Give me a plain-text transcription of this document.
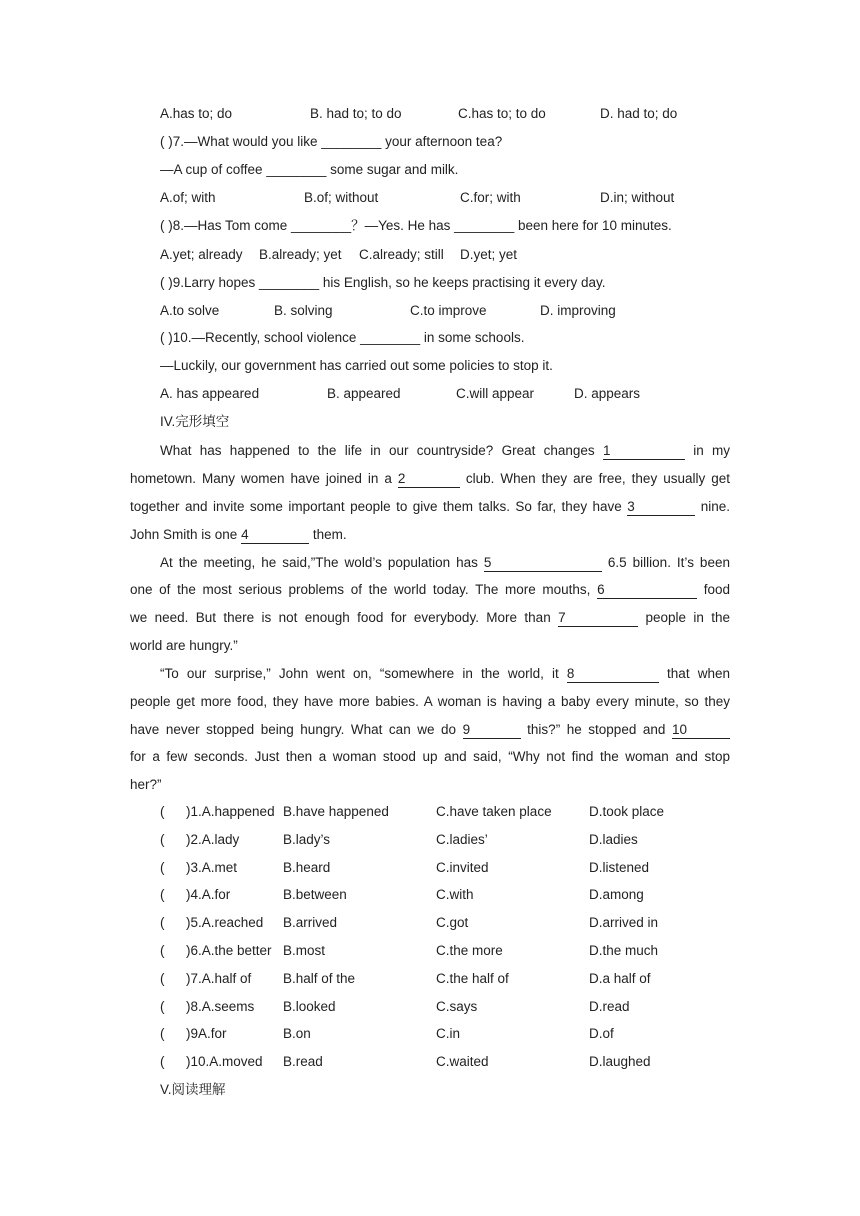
A.has to; do	B. had to; to do	C.has to; to do	D. had to; do
( )7.—What would you like ________ your afternoon tea?
—A cup of coffee ________ some sugar and milk.
A.of; with	B.of; without	C.for; with	D.in; without
( )8.—Has Tom come ________？—Yes. He has ________ been here for 10 minutes.
A.yet; already B.already; yet C.already; still D.yet; yet
( )9.Larry hopes ________ his English, so he keeps practising it every day.
A.to solve	B. solving	C.to improve	D. improving
( )10.—Recently, school violence ________ in some schools.
—Luckily, our government has carried out some policies to stop it.
A. has appeared	B. appeared	C.will appear	D. appears
IV.完形填空
What has happened to the life in our countryside? Great changes 1	in my
hometown. Many women have joined in a 2	club. When they are free, they usually get
together and invite some important people to give them talks. So far, they have 3	nine.
John Smith is one 4	them.
At the meeting, he said,”The wold’s population has 5	6.5 billion. It’s been
one of the most serious problems of the world today. The more mouths, 6	food
we need. But there is not enough food for everybody. More than 7	people in the
world are hungry.”
“To our surprise,” John went on, “somewhere in the world, it 8	that when
people get more food, they have more babies. A woman is having a baby every minute, so they
have never stopped being hungry. What can we do 9	this?” he stopped and 10
for a few seconds. Just then a woman stood up and said, “Why not find the woman and stop
her?”
( )1.A.happened B.have happened	C.have taken place	D.took place
( )2.A.lady	B.lady’s	C.ladies’	D.ladies
( )3.A.met	B.heard	C.invited	D.listened
( )4.A.for	B.between	C.with	D.among
( )5.A.reached B.arrived	C.got	D.arrived in
( )6.A.the better B.most	C.the more	D.the much
( )7.A.half of B.half of the	C.the half of	D.a half of
( )8.A.seems B.looked	C.says	D.read
( )9A.for	B.on	C.in	D.of
( )10.A.moved B.read	C.waited	D.laughed
V.阅读理解
